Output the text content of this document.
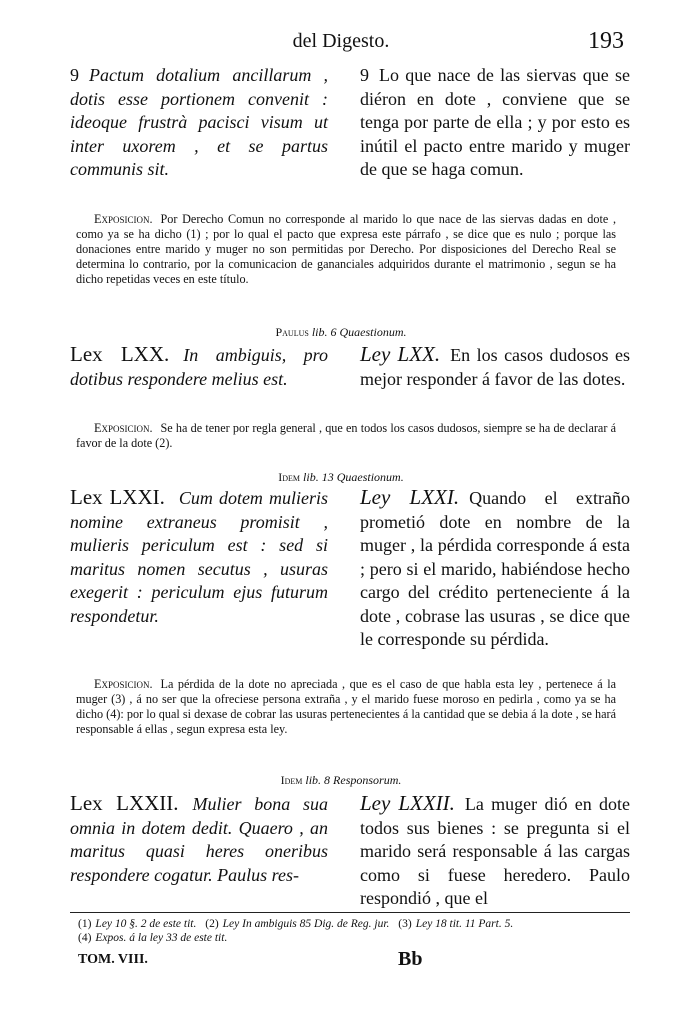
del Digesto.	193
9 Pactum dotalium ancillarum , dotis esse portionem convenit : ideoque frustrà pacisci visum ut inter uxorem , et se partus communis sit.
9 Lo que nace de las siervas que se diéron en dote , conviene que se tenga por parte de ella ; y por esto es inútil el pacto entre marido y muger de que se haga comun.
Exposicion. Por Derecho Comun no corresponde al marido lo que nace de las siervas dadas en dote , como ya se ha dicho (1) ; por lo qual el pacto que expresa este párrafo , se dice que es nulo ; porque las donaciones entre marido y muger no son permitidas por Derecho. Por disposiciones del Derecho Real se determina lo contrario, por la comunicacion de gananciales adquiridos durante el matrimonio , segun se ha dicho repetidas veces en este título.
Paulus lib. 6 Quaestionum.
Lex LXX. In ambiguis, pro dotibus respondere melius est.
Ley LXX. En los casos dudosos es mejor responder á favor de las dotes.
Exposicion. Se ha de tener por regla general , que en todos los casos dudosos, siempre se ha de declarar á favor de la dote (2).
Idem lib. 13 Quaestionum.
Lex LXXI. Cum dotem mulieris nomine extraneus promisit , mulieris periculum est : sed si maritus nomen secutus , usuras exegerit : periculum ejus futurum respondetur.
Ley LXXI. Quando el extraño prometió dote en nombre de la muger , la pérdida corresponde á esta ; pero si el marido, habiéndose hecho cargo del crédito perteneciente á la dote , cobrase las usuras , se dice que le corresponde su pérdida.
Exposicion. La pérdida de la dote no apreciada , que es el caso de que habla esta ley , pertenece á la muger (3) , á no ser que la ofreciese persona extraña , y el marido fuese moroso en pedirla , como ya se ha dicho (4): por lo qual si dexase de cobrar las usuras pertenecientes á la cantidad que se debia á la dote , se hará responsable á ellas , segun expresa esta ley.
Idem lib. 8 Responsorum.
Lex LXXII. Mulier bona sua omnia in dotem dedit. Quaero , an maritus quasi heres oneribus respondere cogatur. Paulus res-
Ley LXXII. La muger dió en dote todos sus bienes : se pregunta si el marido será responsable á las cargas como si fuese heredero. Paulo respondió , que el
(1) Ley 10 §. 2 de este tit. (2) Ley In ambiguis 85 Dig. de Reg. jur. (3) Ley 18 tit. 11 Part. 5.
(4) Expos. á la ley 33 de este tit.
TOM. VIII.	Bb
